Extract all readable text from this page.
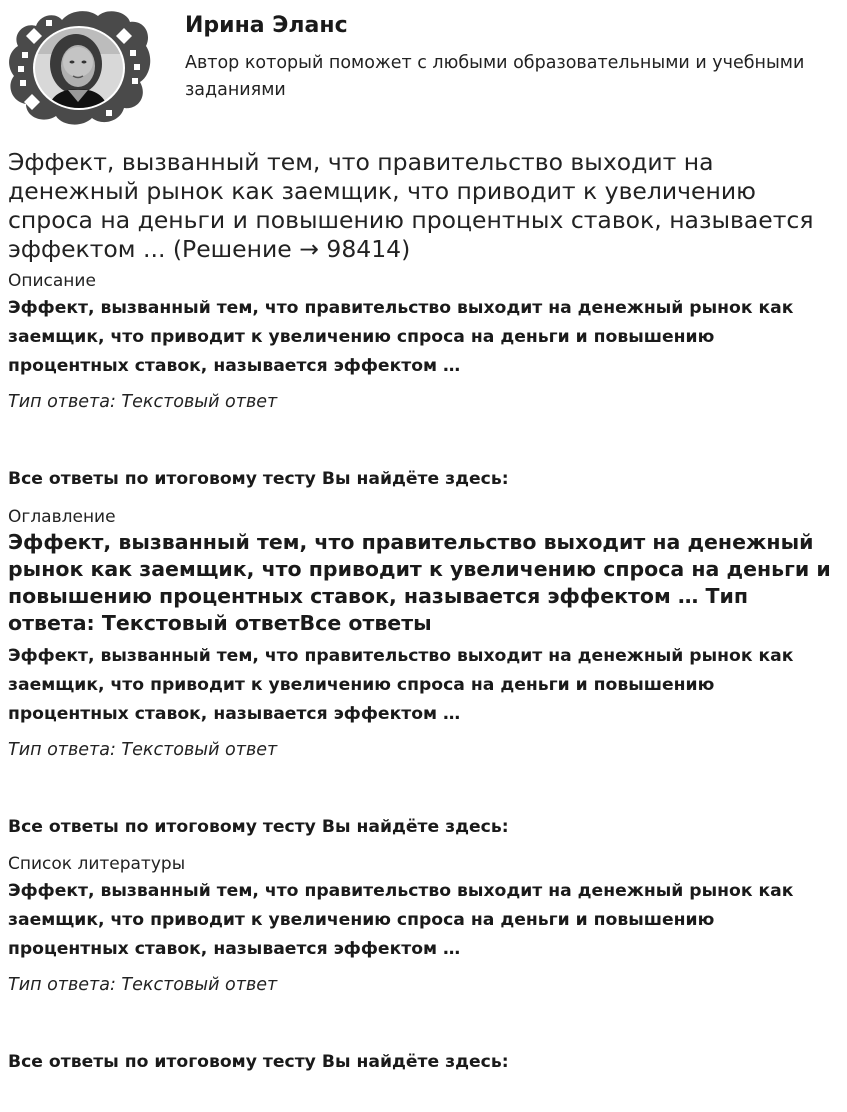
Ирина Эланс

Автор который поможет с любыми образовательными и учебными заданиями

Эффект, вызванный тем, что правительство выходит на денежный рынок как заемщик, что приводит к увеличению спроса на деньги и повышению процентных ставок, называется эффектом ... (Решение → 98414)

Описание

Эффект, вызванный тем, что правительство выходит на денежный рынок как заемщик, что приводит к увеличению спроса на деньги и повышению процентных ставок, называется эффектом …

Тип ответа: Текстовый ответ

Все ответы по итоговому тесту Вы найдёте здесь:

Оглавление

Эффект, вызванный тем, что правительство выходит на денежный рынок как заемщик, что приводит к увеличению спроса на деньги и повышению процентных ставок, называется эффектом … Тип ответа: Текстовый ответВсе ответы

Эффект, вызванный тем, что правительство выходит на денежный рынок как заемщик, что приводит к увеличению спроса на деньги и повышению процентных ставок, называется эффектом …

Тип ответа: Текстовый ответ

Все ответы по итоговому тесту Вы найдёте здесь:

Список литературы

Эффект, вызванный тем, что правительство выходит на денежный рынок как заемщик, что приводит к увеличению спроса на деньги и повышению процентных ставок, называется эффектом …

Тип ответа: Текстовый ответ

Все ответы по итоговому тесту Вы найдёте здесь:
